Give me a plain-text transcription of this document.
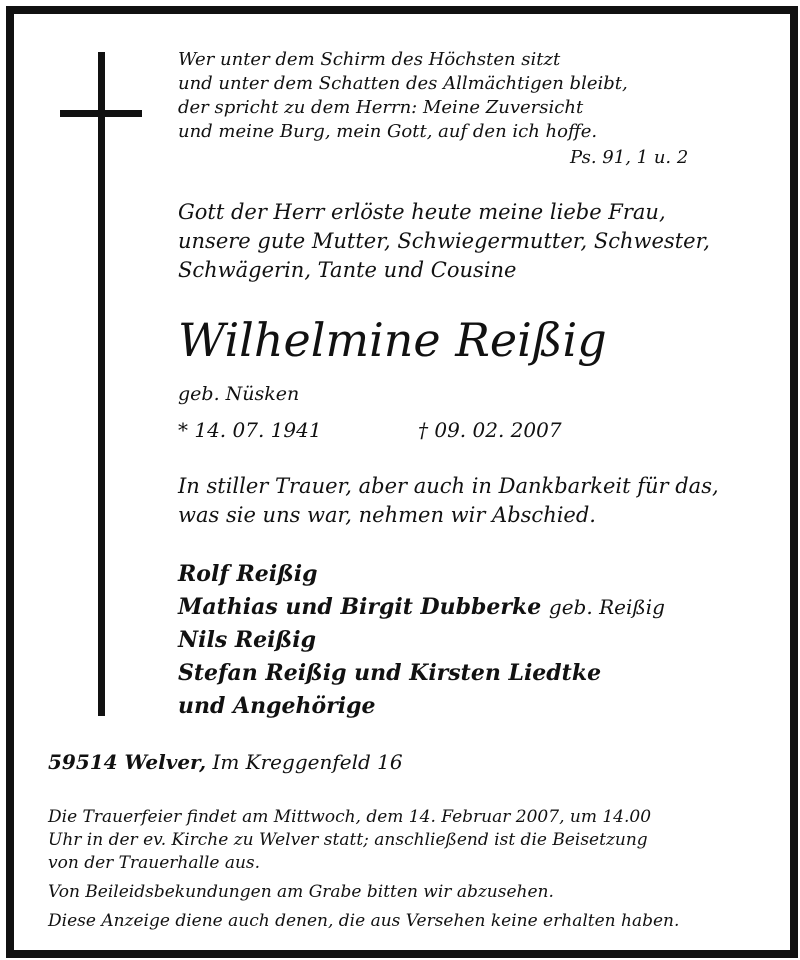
Wer unter dem Schirm des Höchsten sitzt
und unter dem Schatten des Allmächtigen bleibt,
der spricht zu dem Herrn: Meine Zuversicht
und meine Burg, mein Gott, auf den ich hoffe.
Ps. 91, 1 u. 2
Gott der Herr erlöste heute meine liebe Frau,
unsere gute Mutter, Schwiegermutter, Schwester,
Schwägerin, Tante und Cousine
Wilhelmine Reißig
geb. Nüsken
* 14. 07. 1941	† 09. 02. 2007
In stiller Trauer, aber auch in Dankbarkeit für das,
was sie uns war, nehmen wir Abschied.
Rolf Reißig
Mathias und Birgit Dubberke geb. Reißig
Nils Reißig
Stefan Reißig und Kirsten Liedtke
und Angehörige
59514 Welver, Im Kreggenfeld 16
Die Trauerfeier findet am Mittwoch, dem 14. Februar 2007, um 14.00
Uhr in der ev. Kirche zu Welver statt; anschließend ist die Beisetzung
von der Trauerhalle aus.
Von Beileidsbekundungen am Grabe bitten wir abzusehen.
Diese Anzeige diene auch denen, die aus Versehen keine erhalten haben.
